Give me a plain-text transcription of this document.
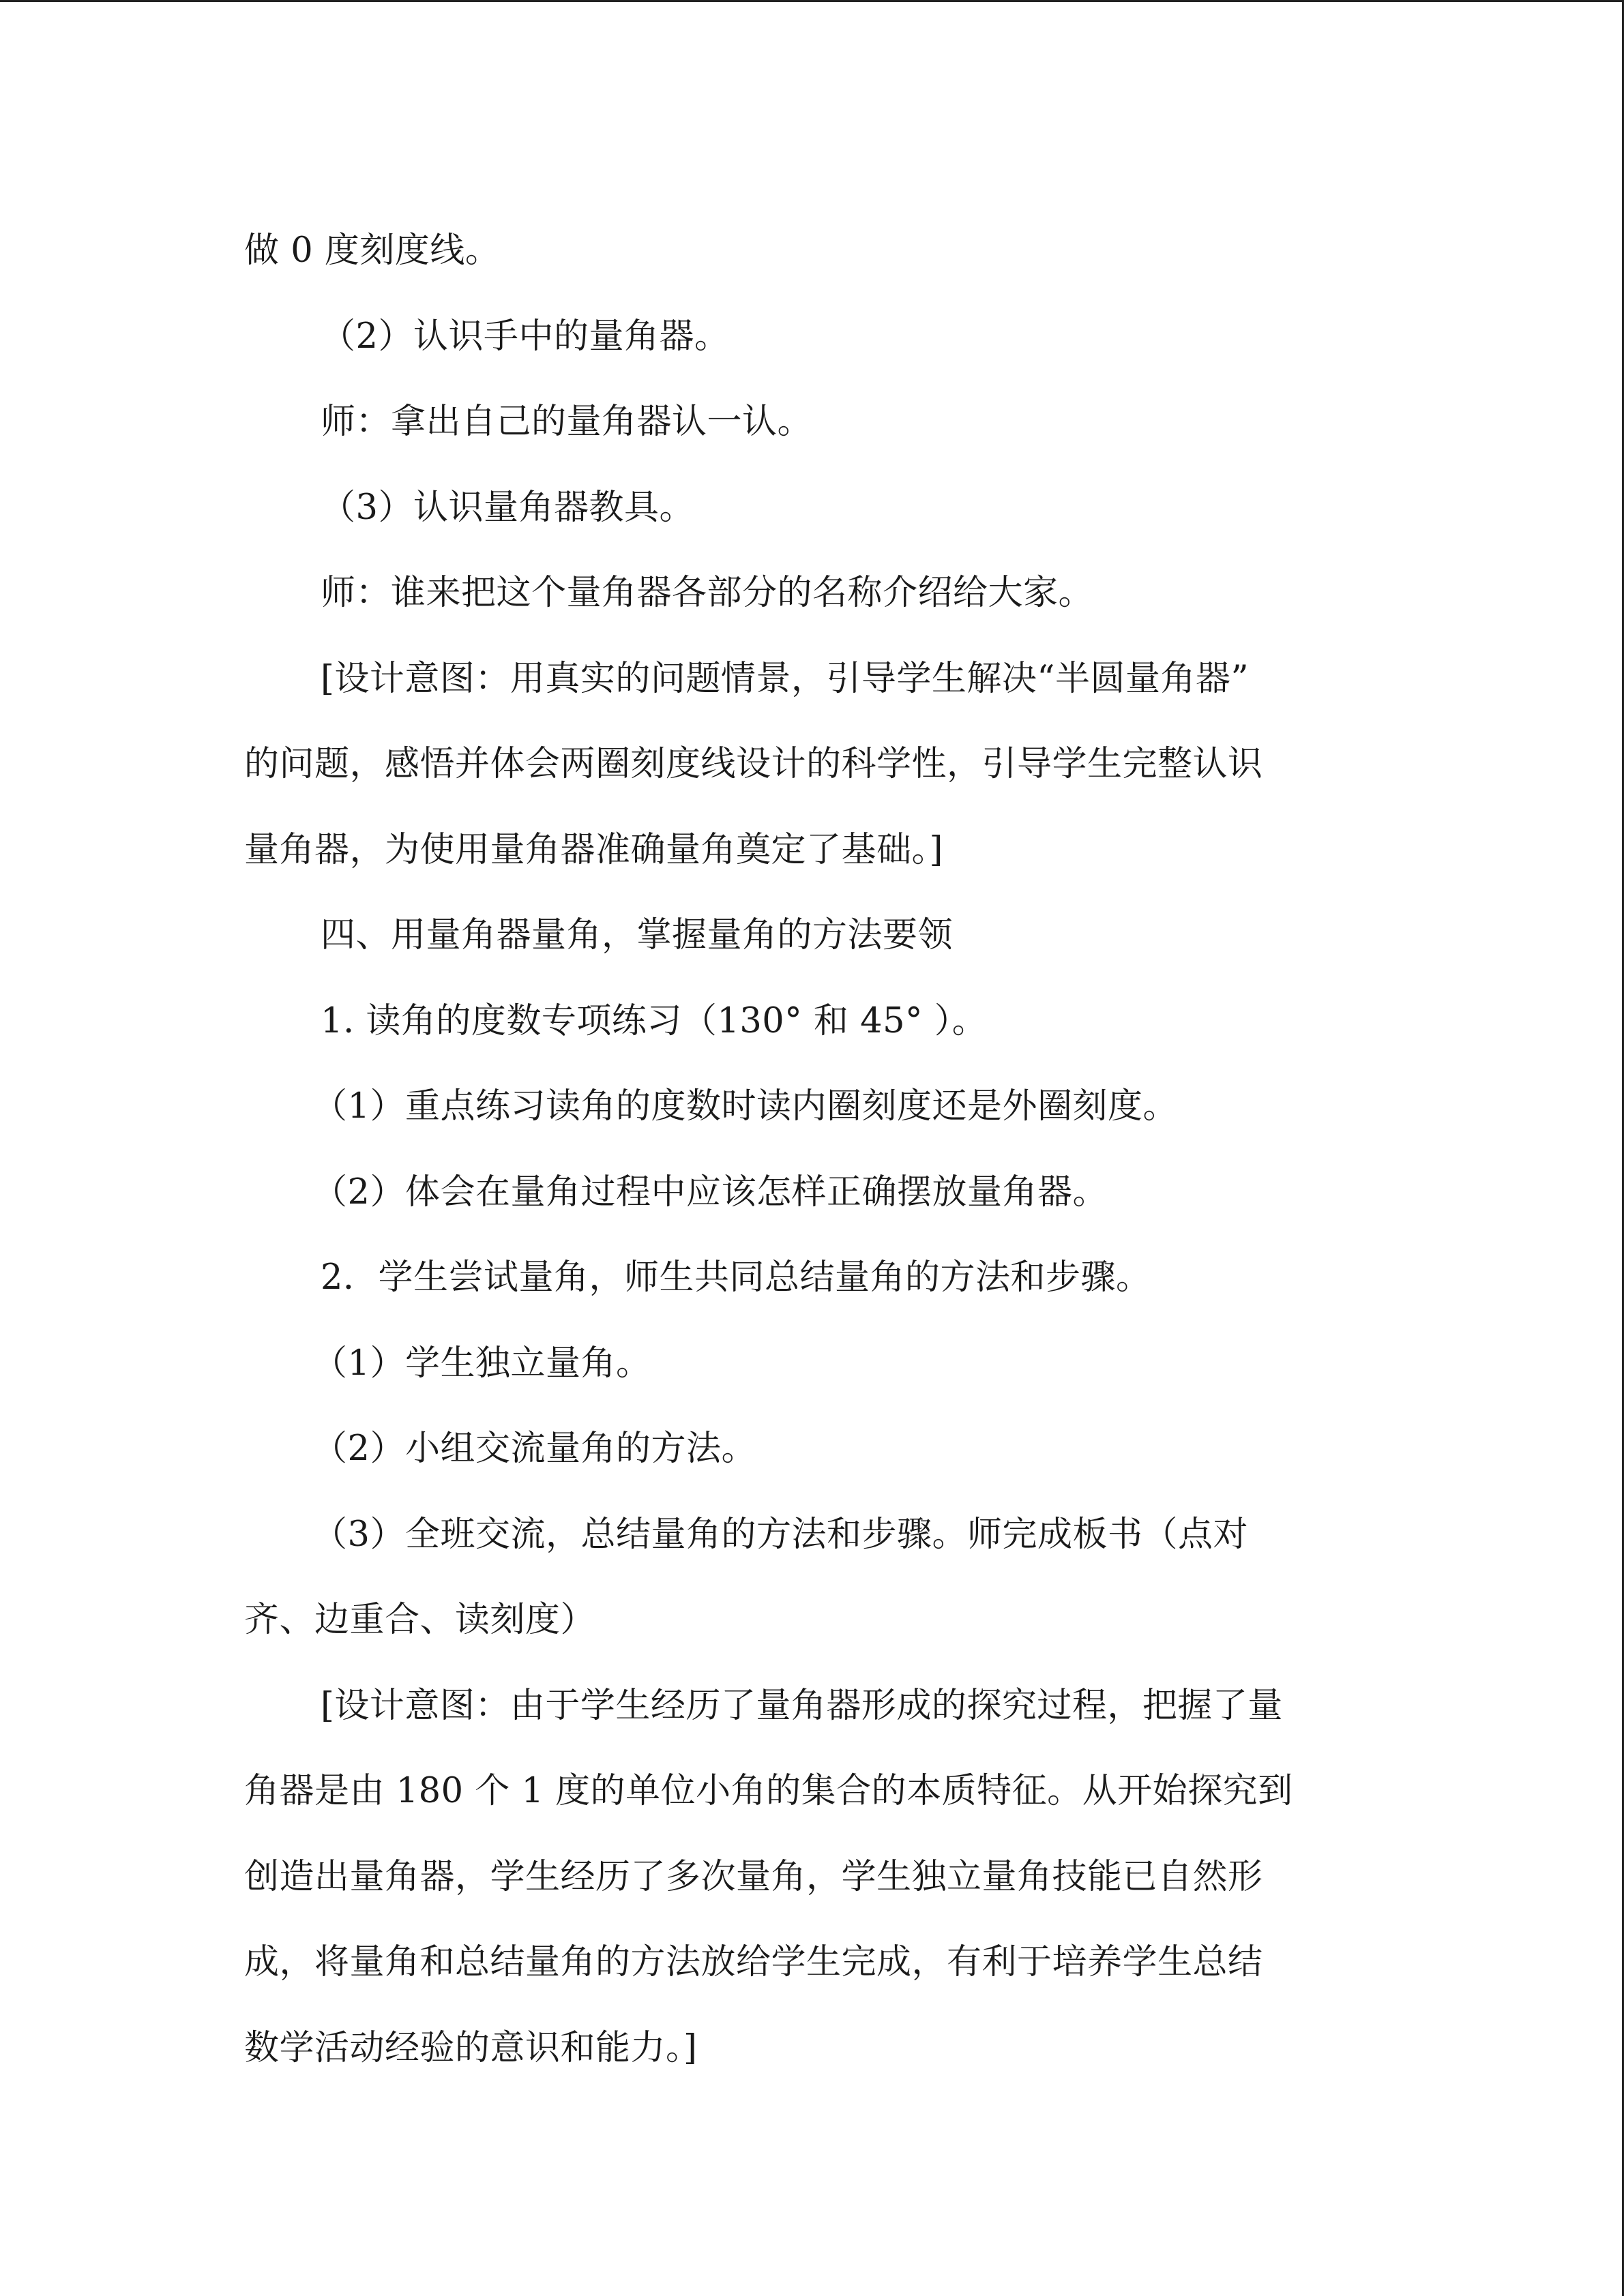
做 0 度刻度线。
（2）认识手中的量角器。
师：拿出自己的量角器认一认。
（3）认识量角器教具。
师：谁来把这个量角器各部分的名称介绍给大家。
[设计意图：用真实的问题情景，引导学生解决“半圆量角器”
的问题，感悟并体会两圈刻度线设计的科学性，引导学生完整认识
量角器，为使用量角器准确量角奠定了基础。]
四、用量角器量角，掌握量角的方法要领
1. 读角的度数专项练习（130° 和 45° ）。
（1）重点练习读角的度数时读内圈刻度还是外圈刻度。
（2）体会在量角过程中应该怎样正确摆放量角器。
2．学生尝试量角，师生共同总结量角的方法和步骤。
（1）学生独立量角。
（2）小组交流量角的方法。
（3）全班交流，总结量角的方法和步骤。师完成板书（点对
齐、边重合、读刻度）
[设计意图：由于学生经历了量角器形成的探究过程，把握了量
角器是由 180 个 1 度的单位小角的集合的本质特征。从开始探究到
创造出量角器，学生经历了多次量角，学生独立量角技能已自然形
成，将量角和总结量角的方法放给学生完成，有利于培养学生总结
数学活动经验的意识和能力。]
